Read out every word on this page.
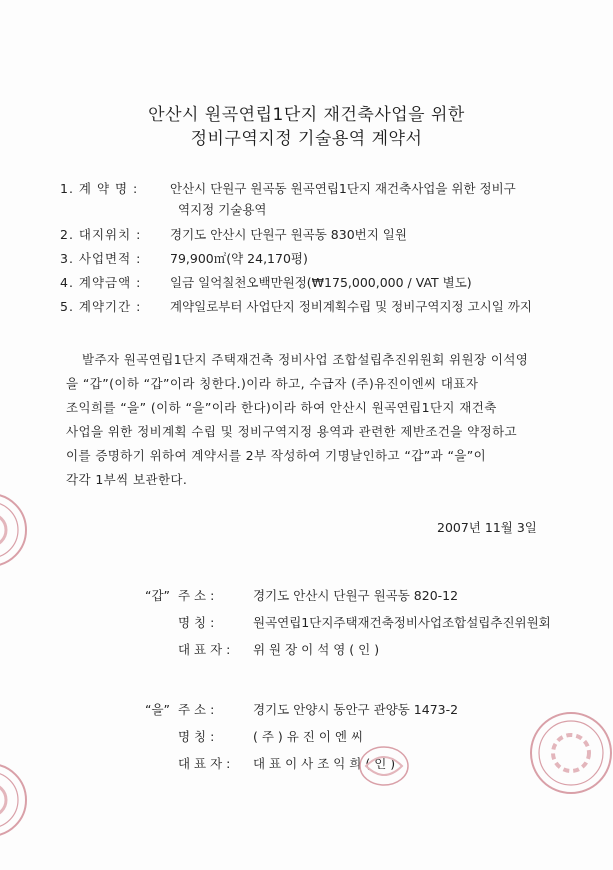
안산시 원곡연립1단지 재건축사업을 위한
정비구역지정 기술용역 계약서
1. 계 약 명 :	안산시 단원구 원곡동 원곡연립1단지 재건축사업을 위한 정비구
역지정 기술용역
2. 대지위치 : 경기도 안산시 단원구 원곡동 830번지 일원
3. 사업면적 : 79,900㎡(약 24,170평)
4. 계약금액 : 일금 일억칠천오백만원정(₩175,000,000 / VAT 별도)
5. 계약기간 : 계약일로부터 사업단지 정비계획수립 및 정비구역지정 고시일 까지
발주자 원곡연립1단지 주택재건축 정비사업 조합설립추진위원회 위원장 이석영
을 “갑”(이하 “갑”이라 칭한다.)이라 하고, 수급자 (주)유진이엔씨 대표자
조익희를 “을” (이하 “을”이라 한다)이라 하여 안산시 원곡연립1단지 재건축
사업을 위한 정비계획 수립 및 정비구역지정 용역과 관련한 제반조건을 약정하고
이를 증명하기 위하여 계약서를 2부 작성하여 기명날인하고 “갑”과 “을”이
각각 1부씩 보관한다.
2007년 11월 3일
“갑” 주 소 :	경기도 안산시 단원구 원곡동 820-12
명 칭 :	원곡연립1단지주택재건축정비사업조합설립추진위원회
대 표 자 : 위 원 장 이 석 영 ( 인 )
“을” 주 소 :	경기도 안양시 동안구 관양동 1473-2
명 칭 :	( 주 ) 유 진 이 엔 씨
대 표 자 : 대 표 이 사 조 익 희 ( 인 )
